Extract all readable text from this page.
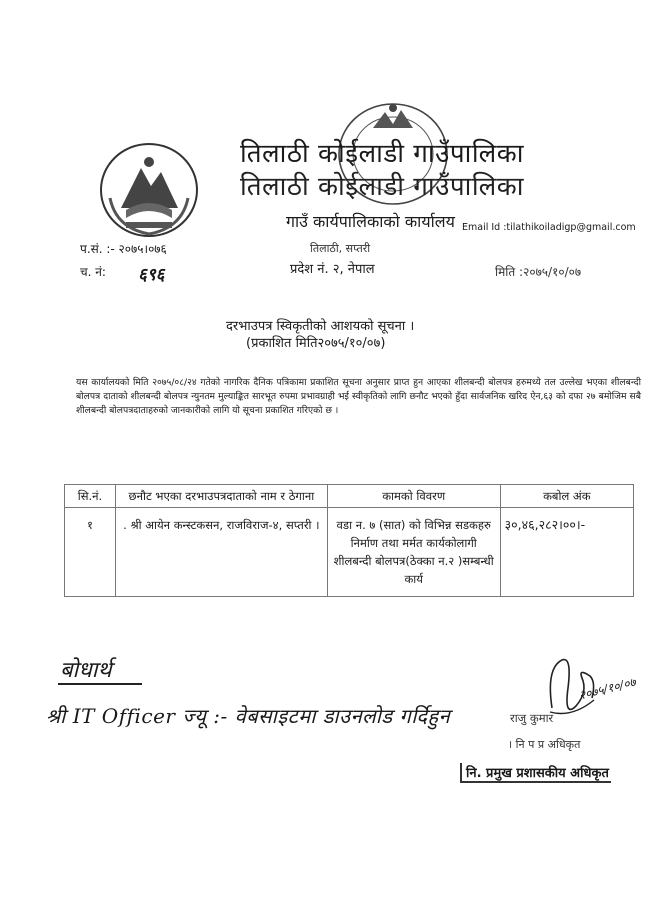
तिलाठी कोईलाडी गाउँपालिका
तिलाठी कोईलाडी गाउँपालिका
गाउँ कार्यपालिकाको कार्यालय Email Id :tilathikoiladigp@gmail.com
तिलाठी, सप्तरी
प्रदेश नं. २, नेपाल
प.सं. :- २०७५।०७६
च. नं: ६९६	मिति :२०७५/१०/०७
दरभाउपत्र स्विकृतीको आशयको सूचना ।
(प्रकाशित मिति२०७५/१०/०७)
यस कार्यालयको मिति २०७५/०८/२४ गतेको नागरिक दैनिक पत्रिकामा प्रकाशित सूचना अनुसार प्राप्त हुन आएका शीलबन्दी बोलपत्र हरुमध्ये तल उल्लेख भएका शीलबन्दी बोलपत्र दाताको शीलबन्दी बोलपत्र न्युनतम मुल्याङ्कित सारभूत रुपमा प्रभावग्राही भई स्वीकृतिको लागि छनौट भएको हुँदा सार्वजनिक खरिद ऐन,६३ को दफा २७ बमोजिम सबै शीलबन्दी बोलपत्रदाताहरुको जानकारीको लागि यो सूचना प्रकाशित गरिएको छ ।
सि.नं.	छनौट भएका दरभाउपत्रदाताको नाम र ठेगाना	कामको विवरण	कबोल अंक
१	. श्री आयेन कन्स्टकसन, राजविराज-४, सप्तरी ।	वडा न. ७ (सात) को विभिन्न सडकहरु निर्माण तथा मर्मत कार्यकोलागी शीलबन्दी बोलपत्र(ठेक्का न.२ )सम्बन्धी कार्य	३०,४६,२८२।००।-
बोधार्थ
श्री IT Officer ज्यू :- वेबसाइटमा डाउनलोड गर्दिहुन
२०७५/१०/०७
राजु कुमार
। नि प प्र अधिकृत
नि. प्रमुख प्रशासकीय अधिकृत
